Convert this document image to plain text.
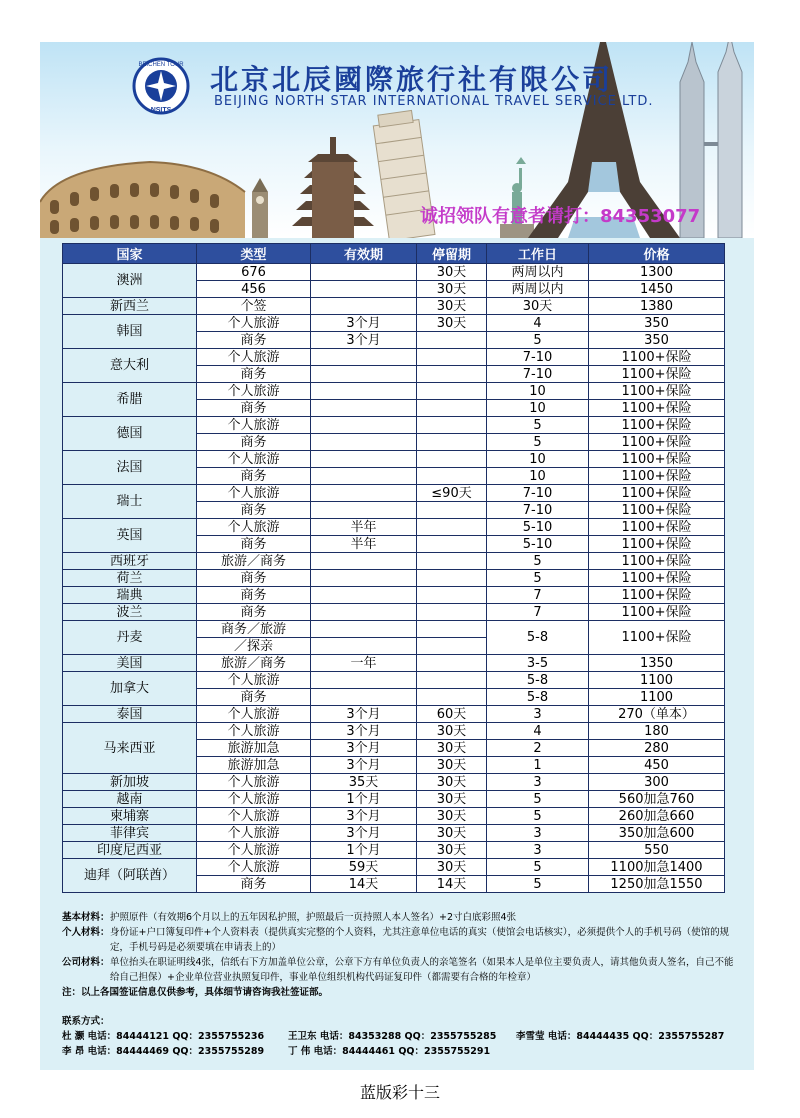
BEICHEN TOUR
NSITS
北京北辰國際旅行社有限公司
BEIJING NORTH STAR INTERNATIONAL TRAVEL SERVICE LTD.
诚招领队有意者请打：84353077
国家	类型	有效期	停留期	工作日	价格
澳洲	676		30天	两周以内	1300
	456		30天	两周以内	1450
新西兰	个签		30天	30天	1380
韩国	个人旅游	3个月	30天	4	350
	商务	3个月		5	350
意大利	个人旅游			7-10	1100+保险
	商务			7-10	1100+保险
希腊	个人旅游			10	1100+保险
	商务			10	1100+保险
德国	个人旅游			5	1100+保险
	商务			5	1100+保险
法国	个人旅游			10	1100+保险
	商务			10	1100+保险
瑞士	个人旅游		≤90天	7-10	1100+保险
	商务			7-10	1100+保险
英国	个人旅游	半年		5-10	1100+保险
	商务	半年		5-10	1100+保险
西班牙	旅游／商务			5	1100+保险
荷兰	商务			5	1100+保险
瑞典	商务			7	1100+保险
波兰	商务			7	1100+保险
丹麦	商务／旅游			5-8	1100+保险
	／探亲				
美国	旅游／商务	一年		3-5	1350
加拿大	个人旅游			5-8	1100
	商务			5-8	1100
泰国	个人旅游	3个月	60天	3	270（单本）
马来西亚	个人旅游	3个月	30天	4	180
	旅游加急	3个月	30天	2	280
	旅游加急	3个月	30天	1	450
新加坡	个人旅游	35天	30天	3	300
越南	个人旅游	1个月	30天	5	560加急760
柬埔寨	个人旅游	3个月	30天	5	260加急660
菲律宾	个人旅游	3个月	30天	3	350加急600
印度尼西亚	个人旅游	1个月	30天	3	550
迪拜（阿联酋）	个人旅游	59天	30天	5	1100加急1400
	商务	14天	14天	5	1250加急1550

基本材料： 护照原件（有效期6个月以上的五年因私护照，护照最后一页持照人本人签名）+2寸白底彩照4张

个人材料： 身份证+户口簿复印件+个人资料表（提供真实完整的个人资料，尤其注意单位电话的真实（使馆会电话核实），必须提供个人的手机号码（使馆的规定，手机号码是必须要填在申请表上的）

公司材料： 单位抬头在职证明线4张，信纸右下方加盖单位公章，公章下方有单位负责人的亲笔签名（如果本人是单位主要负责人，请其他负责人签名，自己不能给自己担保）+企业单位营业执照复印件，事业单位组织机构代码证复印件（都需要有合格的年检章）

注：以上各国签证信息仅供参考，具体细节请咨询我社签证部。

联系方式：
杜 灏 电话：84444121 QQ：2355755236	王卫东 电话：84353288 QQ：2355755285 李雪莹 电话：84444435 QQ：2355755287
李 昂 电话：84444469 QQ：2355755289	丁 伟 电话：84444461 QQ：2355755291
蓝版彩十三
